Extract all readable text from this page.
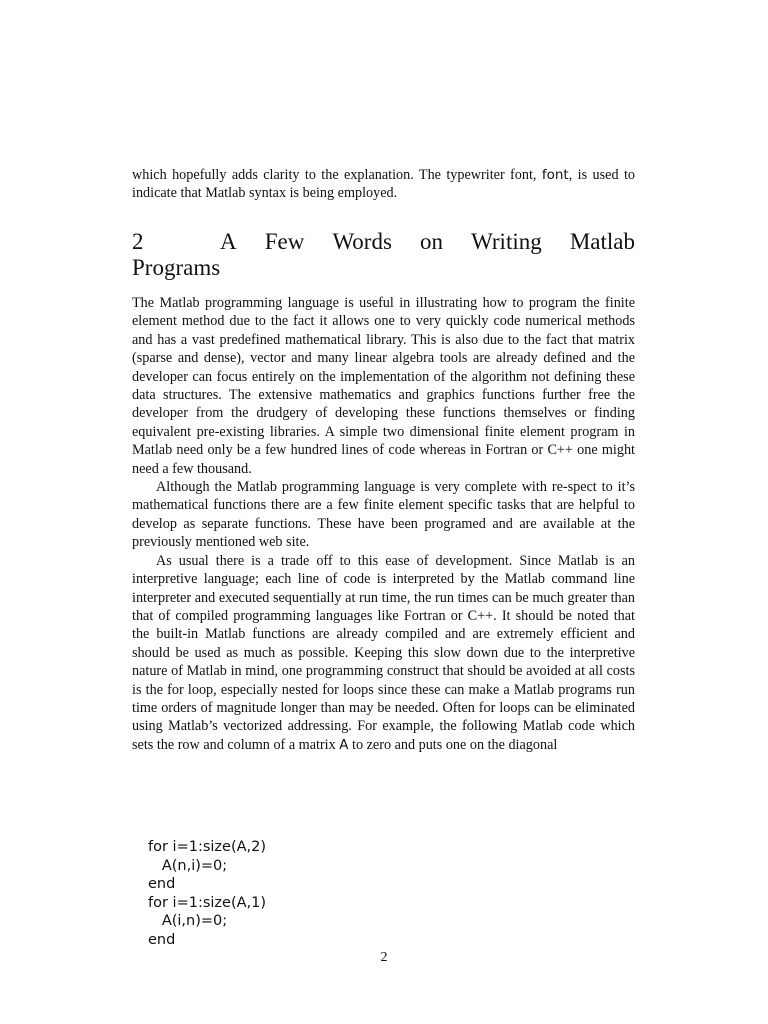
which hopefully adds clarity to the explanation. The typewriter font, font, is used to indicate that Matlab syntax is being employed.
2	A Few Words on Writing Matlab
Programs

The Matlab programming language is useful in illustrating how to program the finite element method due to the fact it allows one to very quickly code numerical methods and has a vast predefined mathematical library. This is also due to the fact that matrix (sparse and dense), vector and many linear algebra tools are already defined and the developer can focus entirely on the implementation of the algorithm not defining these data structures. The extensive mathematics and graphics functions further free the developer from the drudgery of developing these functions themselves or finding equivalent pre-existing libraries. A simple two dimensional finite element program in Matlab need only be a few hundred lines of code whereas in Fortran or C++ one might need a few thousand.

Although the Matlab programming language is very complete with re-spect to it’s mathematical functions there are a few finite element specific tasks that are helpful to develop as separate functions. These have been programed and are available at the previously mentioned web site.

As usual there is a trade off to this ease of development. Since Matlab is an interpretive language; each line of code is interpreted by the Matlab command line interpreter and executed sequentially at run time, the run times can be much greater than that of compiled programming languages like Fortran or C++. It should be noted that the built-in Matlab functions are already compiled and are extremely efficient and should be used as much as possible. Keeping this slow down due to the interpretive nature of Matlab in mind, one programming construct that should be avoided at all costs is the for loop, especially nested for loops since these can make a Matlab programs run time orders of magnitude longer than may be needed. Often for loops can be eliminated using Matlab’s vectorized addressing. For example, the following Matlab code which sets the row and column of a matrix A to zero and puts one on the diagonal

for i=1:size(A,2)
A(n,i)=0;
end
for i=1:size(A,1)
A(i,n)=0;
end
2
